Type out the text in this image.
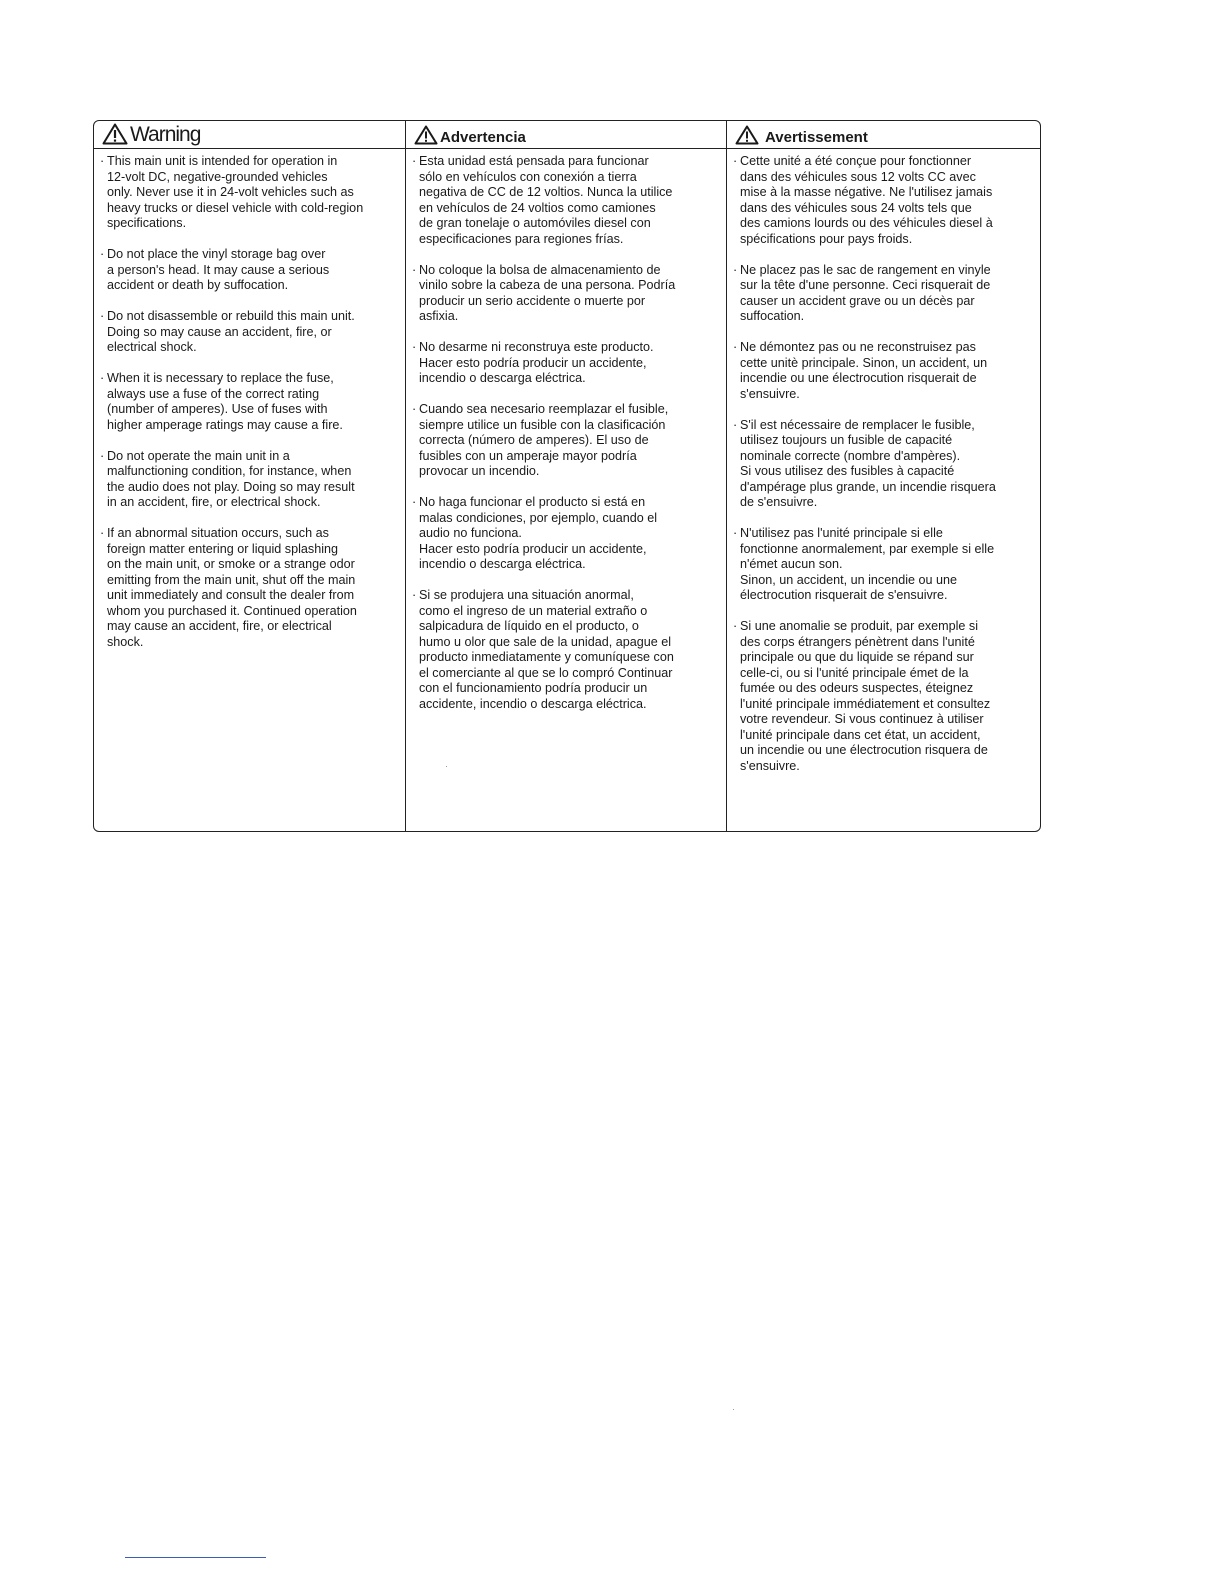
Warning

· This main unit is intended for operation in
12-volt DC, negative-grounded vehicles
only. Never use it in 24-volt vehicles such as
heavy trucks or diesel vehicle with cold-region
specifications.

· Do not place the vinyl storage bag over
a person's head. It may cause a serious
accident or death by suffocation.

· Do not disassemble or rebuild this main unit.
Doing so may cause an accident, fire, or
electrical shock.

· When it is necessary to replace the fuse,
always use a fuse of the correct rating
(number of amperes). Use of fuses with
higher amperage ratings may cause a fire.

· Do not operate the main unit in a
malfunctioning condition, for instance, when
the audio does not play. Doing so may result
in an accident, fire, or electrical shock.

· If an abnormal situation occurs, such as
foreign matter entering or liquid splashing
on the main unit, or smoke or a strange odor
emitting from the main unit, shut off the main
unit immediately and consult the dealer from
whom you purchased it. Continued operation
may cause an accident, fire, or electrical
shock.

Advertencia

· Esta unidad está pensada para funcionar
sólo en vehículos con conexión a tierra
negativa de CC de 12 voltios. Nunca la utilice
en vehículos de 24 voltios como camiones
de gran tonelaje o automóviles diesel con
especificaciones para regiones frías.

· No coloque la bolsa de almacenamiento de
vinilo sobre la cabeza de una persona. Podría
producir un serio accidente o muerte por
asfixia.

· No desarme ni reconstruya este producto.
Hacer esto podría producir un accidente,
incendio o descarga eléctrica.

· Cuando sea necesario reemplazar el fusible,
siempre utilice un fusible con la clasificación
correcta (número de amperes). El uso de
fusibles con un amperaje mayor podría
provocar un incendio.

· No haga funcionar el producto si está en
malas condiciones, por ejemplo, cuando el
audio no funciona.
Hacer esto podría producir un accidente,
incendio o descarga eléctrica.

· Si se produjera una situación anormal,
como el ingreso de un material extraño o
salpicadura de líquido en el producto, o
humo u olor que sale de la unidad, apague el
producto inmediatamente y comuníquese con
el comerciante al que se lo compró Continuar
con el funcionamiento podría producir un
accidente, incendio o descarga eléctrica.

Avertissement

· Cette unité a été conçue pour fonctionner
dans des véhicules sous 12 volts CC avec
mise à la masse négative. Ne l'utilisez jamais
dans des véhicules sous 24 volts tels que
des camions lourds ou des véhicules diesel à
spécifications pour pays froids.

· Ne placez pas le sac de rangement en vinyle
sur la tête d'une personne. Ceci risquerait de
causer un accident grave ou un décès par
suffocation.

· Ne démontez pas ou ne reconstruisez pas
cette unitè principale. Sinon, un accident, un
incendie ou une électrocution risquerait de
s'ensuivre.

· S'il est nécessaire de remplacer le fusible,
utilisez toujours un fusible de capacité
nominale correcte (nombre d'ampères).
Si vous utilisez des fusibles à capacité
d'ampérage plus grande, un incendie risquera
de s'ensuivre.

· N'utilisez pas l'unité principale si elle
fonctionne anormalement, par exemple si elle
n'émet aucun son.
Sinon, un accident, un incendie ou une
électrocution risquerait de s'ensuivre.

· Si une anomalie se produit, par exemple si
des corps étrangers pénètrent dans l'unité
principale ou que du liquide se répand sur
celle-ci, ou si l'unité principale émet de la
fumée ou des odeurs suspectes, éteignez
l'unité principale immédiatement et consultez
votre revendeur. Si vous continuez à utiliser
l'unité principale dans cet état, un accident,
un incendie ou une électrocution risquera de
s'ensuivre.
